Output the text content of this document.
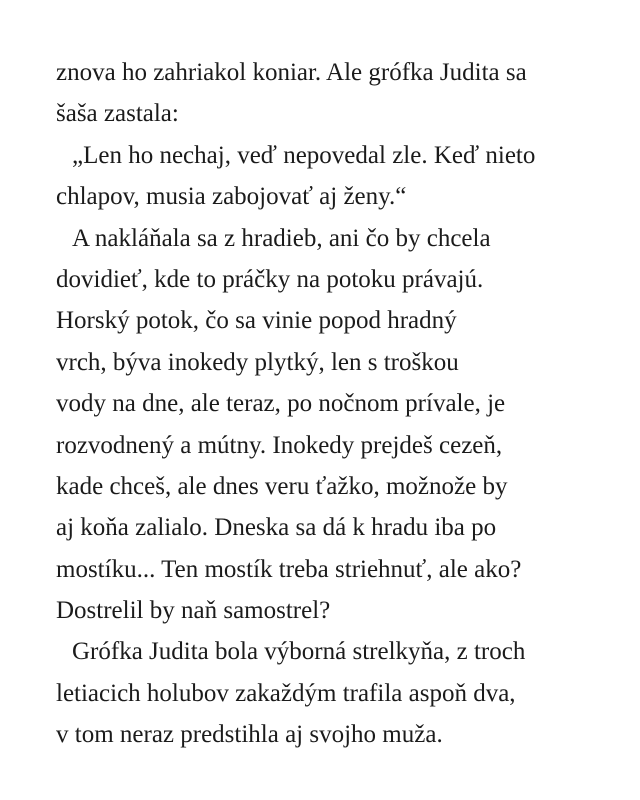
znova ho zahriakol koniar. Ale grófka Judita sa
šaša zastala:
„Len ho nechaj, veď nepovedal zle. Keď nieto
chlapov, musia zabojovať aj ženy.“
A nakláňala sa z hradieb, ani čo by chcela
dovidieť, kde to práčky na potoku právajú.
Horský potok, čo sa vinie popod hradný
vrch, býva inokedy plytký, len s troškou
vody na dne, ale teraz, po nočnom prívale, je
rozvodnený a mútny. Inokedy prejdeš cezeň,
kade chceš, ale dnes veru ťažko, možnože by
aj koňa zalialo. Dneska sa dá k hradu iba po
mostíku... Ten mostík treba striehnuť, ale ako?
Dostrelil by naň samostrel?
Grófka Judita bola výborná strelkyňa, z troch
letiacich holubov zakaždým trafila aspoň dva,
v tom neraz predstihla aj svojho muža.
